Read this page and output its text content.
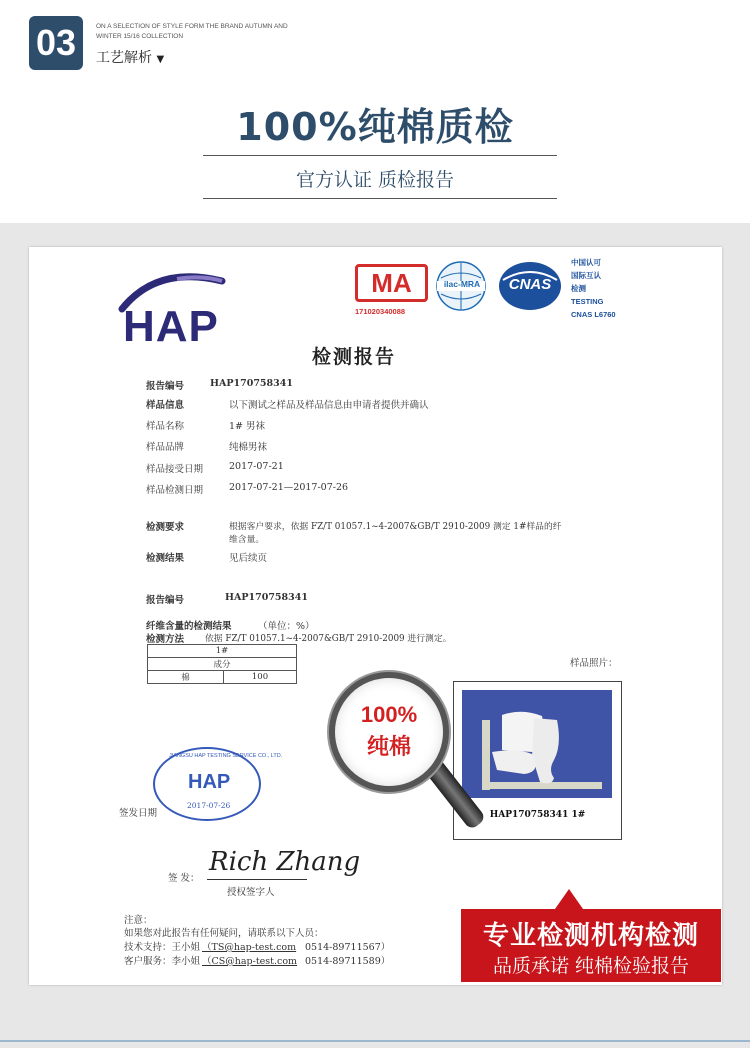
03	ON A SELECTION OF STYLE FORM THE BRAND AUTUMN AND WINTER 15/16 COLLECTION
工艺解析 ▼
100%纯棉质检
官方认证 质检报告
HAP
MA
171020340088
ilac-MRA	CNAS
中国认可
国际互认
检测
TESTING
CNAS L6760
检测报告
报告编号	HAP170758341
样品信息	以下测试之样品及样品信息由申请者提供并确认
样品名称	1# 男袜
样品品牌	纯棉男袜
样品接受日期	2017-07-21
样品检测日期	2017-07-21—2017-07-26
检测要求	根据客户要求，依据 FZ/T 01057.1~4-2007&GB/T 2910-2009 测定 1#样品的纤
维含量。
检测结果	见后续页
报告编号	HAP170758341
纤维含量的检测结果	（单位：%）
检测方法 依据 FZ/T 01057.1~4-2007&GB/T 2910-2009 进行测定。
1#
成分
棉	100
样品照片：
HAP170758341 1#
JIANGSU HAP TESTING SERVICE CO., LTD.
HAP
2017-07-26
签发日期
签 发：
Rich Zhang
授权签字人
注意：
如果您对此报告有任何疑问，请联系以下人员：
技术支持：王小姐 （TS@hap-test.com 0514-89711567）
客户服务：李小姐 （CS@hap-test.com 0514-89711589）
100%
纯棉
专业检测机构检测
品质承诺 纯棉检验报告
